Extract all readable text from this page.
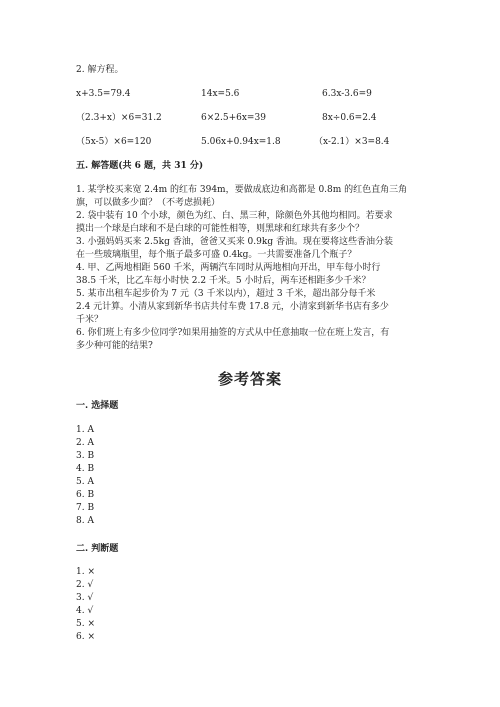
2. 解方程。
x+3.5=79.4	14x=5.6	6.3x-3.6=9
（2.3+x）×6=31.2	6×2.5+6x=39	8x÷0.6=2.4
（5x-5）×6=120	5.06x+0.94x=1.8	（x-2.1）×3=8.4
五. 解答题(共 6 题，共 31 分)
1. 某学校买来宽 2.4m 的红布 394m，要做成底边和高都是 0.8m 的红色直角三角
旗，可以做多少面？（不考虑损耗）
2. 袋中装有 10 个小球，颜色为红、白、黑三种，除颜色外其他均相同。若要求
摸出一个球是白球和不是白球的可能性相等，则黑球和红球共有多少个？
3. 小强妈妈买来 2.5kg 香油，爸爸又买来 0.9kg 香油。现在要将这些香油分装
在一些玻璃瓶里，每个瓶子最多可盛 0.4kg。一共需要准备几个瓶子？
4. 甲、乙两地相距 560 千米，两辆汽车同时从两地相向开出，甲车每小时行
38.5 千米，比乙车每小时快 2.2 千米。5 小时后，两车还相距多少千米？
5. 某市出租车起步价为 7 元（3 千米以内），超过 3 千米，超出部分每千米
2.4 元计算。小清从家到新华书店共付车费 17.8 元，小清家到新华书店有多少
千米？
6. 你们班上有多少位同学?如果用抽签的方式从中任意抽取一位在班上发言，有
多少种可能的结果?
参考答案
一. 选择题
1. A
2. A
3. B
4. B
5. A
6. B
7. B
8. A
二. 判断题
1. ×
2. √
3. √
4. √
5. ×
6. ×
